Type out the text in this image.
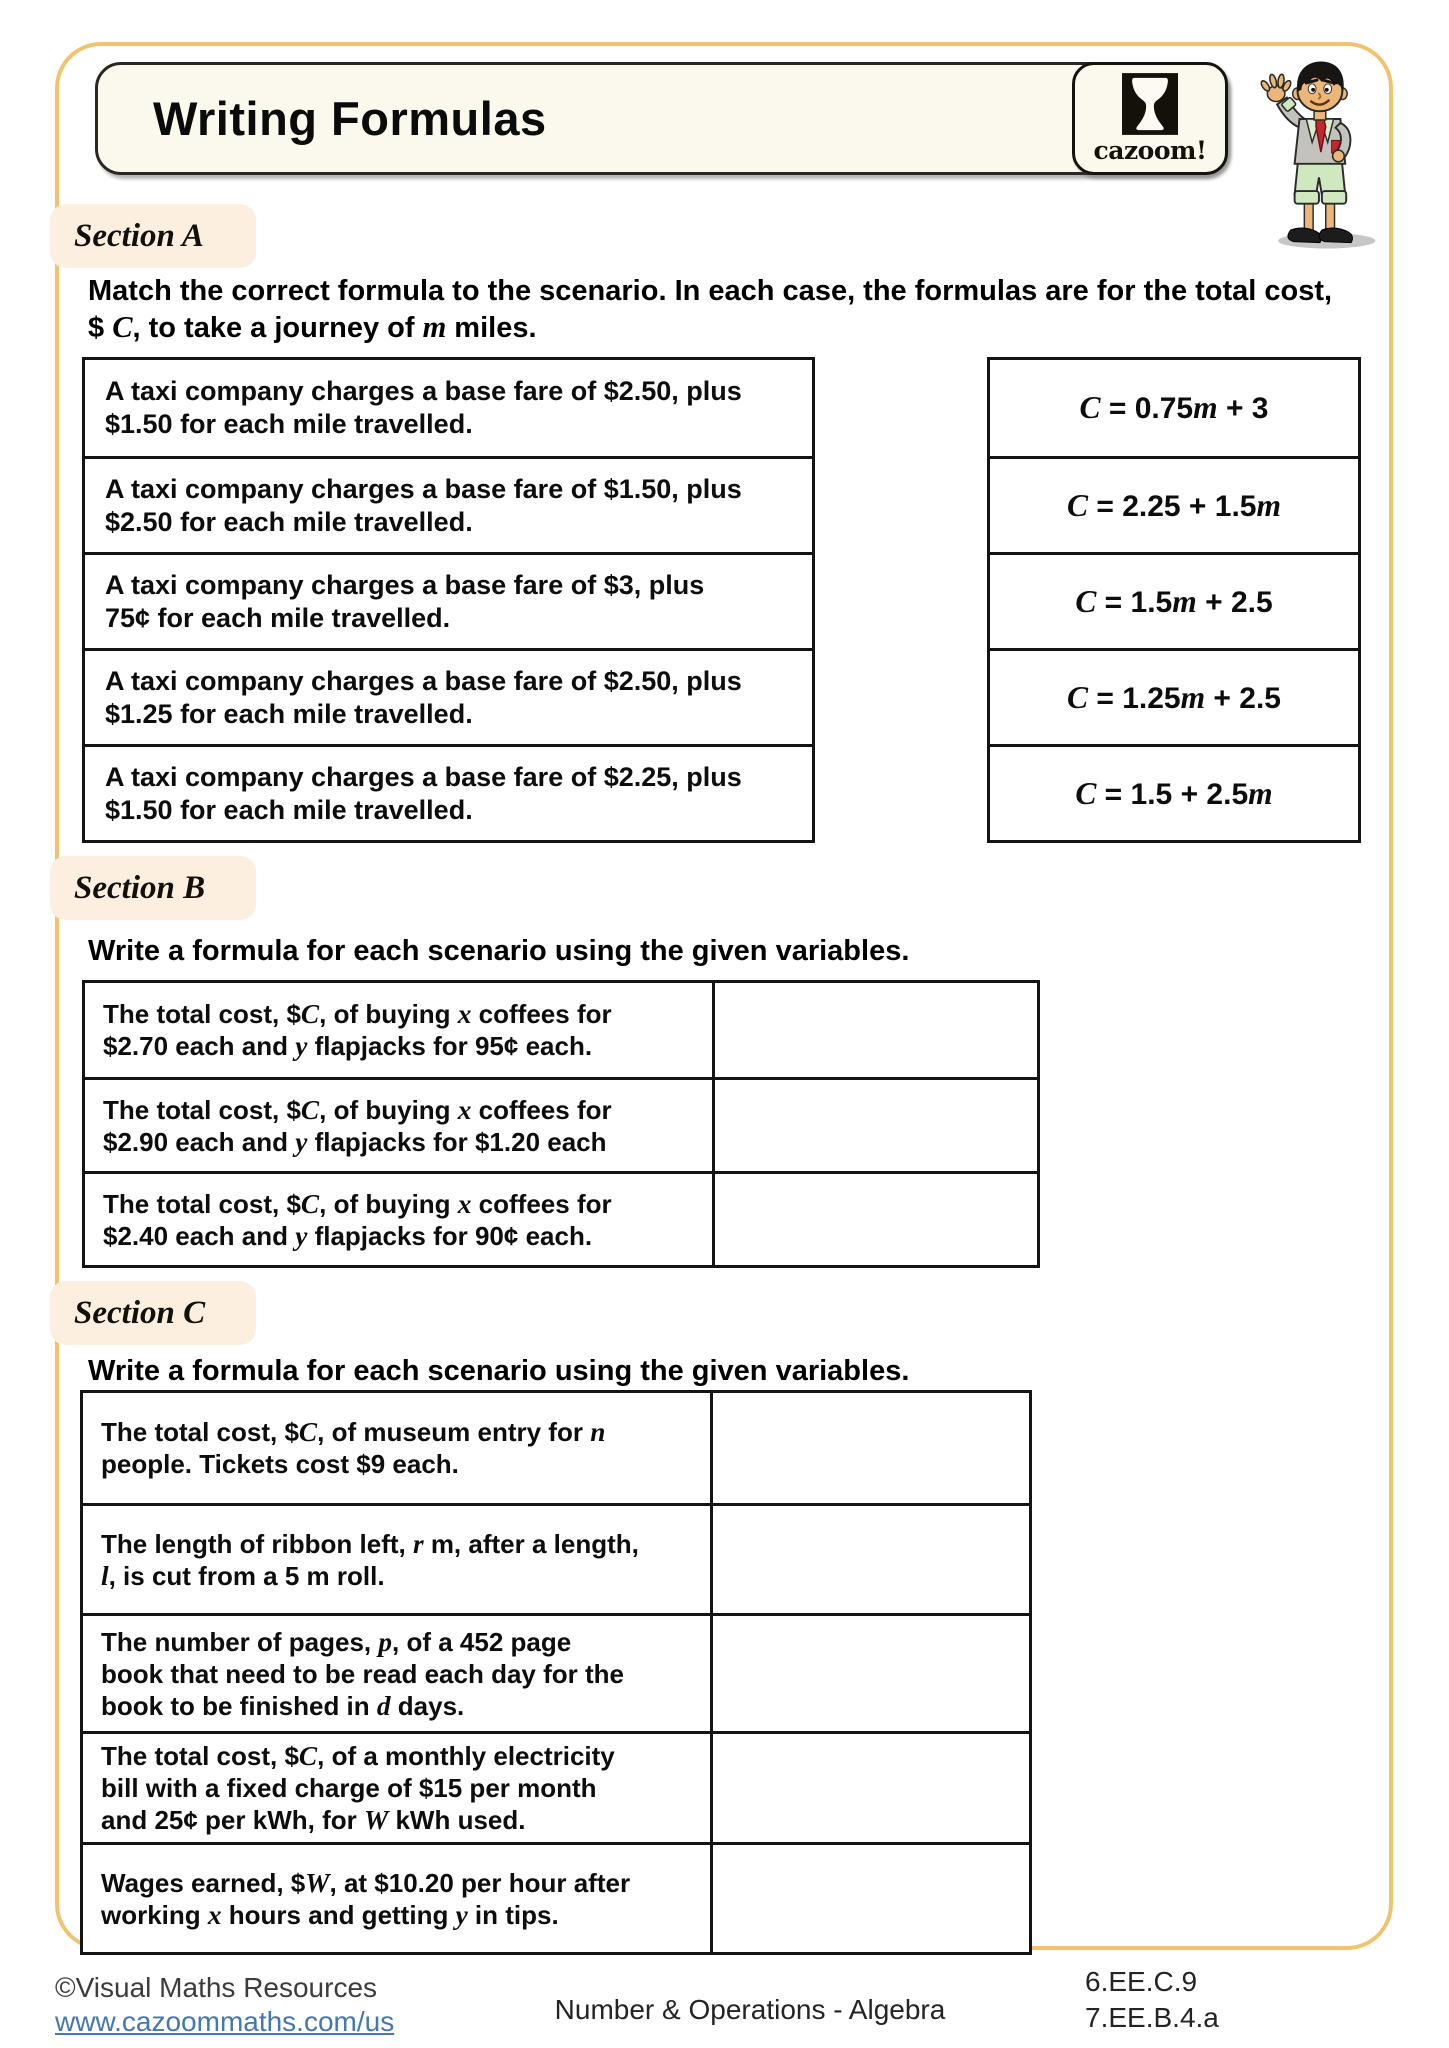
Writing Formulas
cazoom!
Section A
Match the correct formula to the scenario. In each case, the formulas are for the total cost,
$ C, to take a journey of m miles.
A taxi company charges a base fare of $2.50, plus
$1.50 for each mile travelled.
A taxi company charges a base fare of $1.50, plus
$2.50 for each mile travelled.
A taxi company charges a base fare of $3, plus
75¢ for each mile travelled.
A taxi company charges a base fare of $2.50, plus
$1.25 for each mile travelled.
A taxi company charges a base fare of $2.25, plus
$1.50 for each mile travelled.
C = 0.75m + 3
C = 2.25 + 1.5m
C = 1.5m + 2.5
C = 1.25m + 2.5
C = 1.5 + 2.5m
Section B
Write a formula for each scenario using the given variables.
The total cost, $C, of buying x coffees for
$2.70 each and y flapjacks for 95¢ each.
The total cost, $C, of buying x coffees for
$2.90 each and y flapjacks for $1.20 each
The total cost, $C, of buying x coffees for
$2.40 each and y flapjacks for 90¢ each.
Section C
Write a formula for each scenario using the given variables.
The total cost, $C, of museum entry for n
people. Tickets cost $9 each.
The length of ribbon left, r m, after a length,
l, is cut from a 5 m roll.
The number of pages, p, of a 452 page
book that need to be read each day for the
book to be finished in d days.
The total cost, $C, of a monthly electricity
bill with a fixed charge of $15 per month
and 25¢ per kWh, for W kWh used.
Wages earned, $W, at $10.20 per hour after
working x hours and getting y in tips.
©Visual Maths Resources
www.cazoommaths.com/us	Number & Operations - Algebra
6.EE.C.9
7.EE.B.4.a
